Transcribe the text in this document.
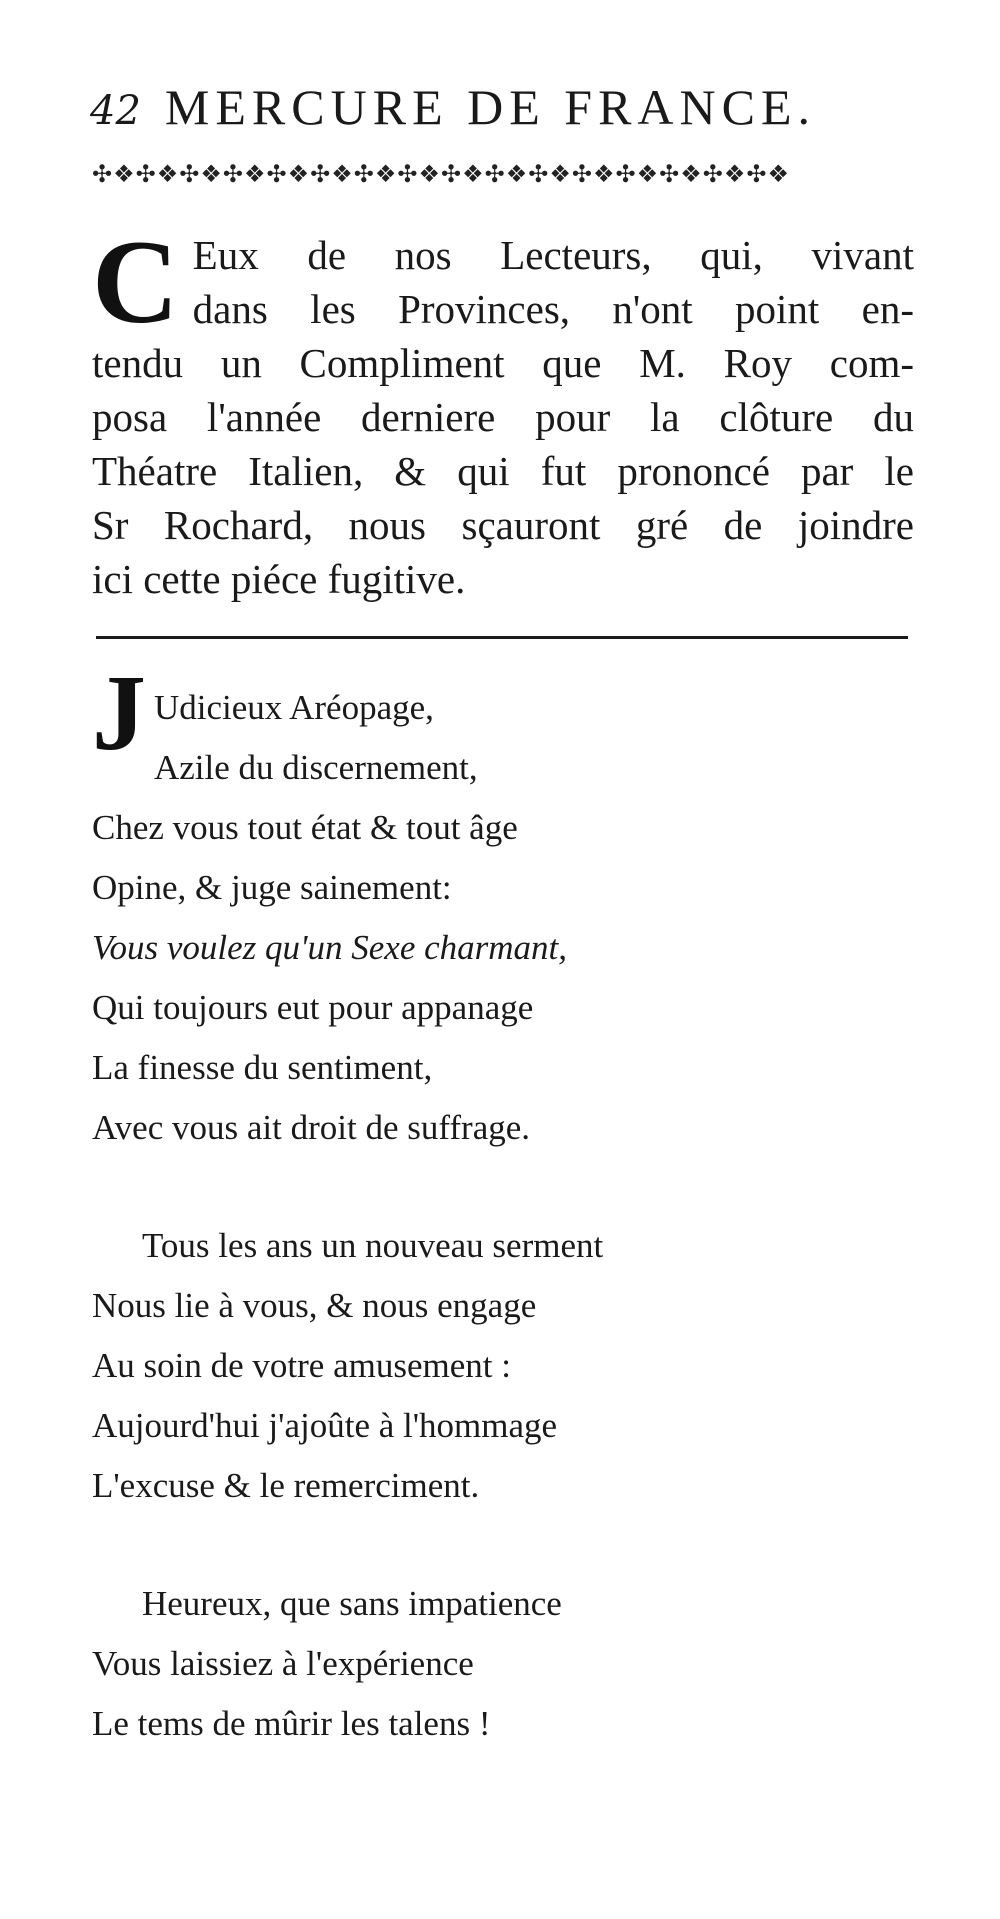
42 MERCURE DE FRANCE.
✣❖✣❖✣❖✣❖✣❖✣❖✣❖✣❖✣❖✣❖✣❖✣❖✣❖✣❖✣❖✣❖
C Eux de nos Lecteurs, qui, vivant
dans les Provinces, n'ont point en-
tendu un Compliment que M. Roy com-
posa l'année derniere pour la clôture du
Théatre Italien, & qui fut prononcé par le
Sr Rochard, nous sçauront gré de joindre
ici cette piéce fugitive.
J Udicieux Aréopage,
Azile du discernement,
Chez vous tout état & tout âge
Opine, & juge sainement:
Vous voulez qu'un Sexe charmant,
Qui toujours eut pour appanage
La finesse du sentiment,
Avec vous ait droit de suffrage.
Tous les ans un nouveau serment
Nous lie à vous, & nous engage
Au soin de votre amusement :
Aujourd'hui j'ajoûte à l'hommage
L'excuse & le remerciment.
Heureux, que sans impatience
Vous laissiez à l'expérience
Le tems de mûrir les talens !
